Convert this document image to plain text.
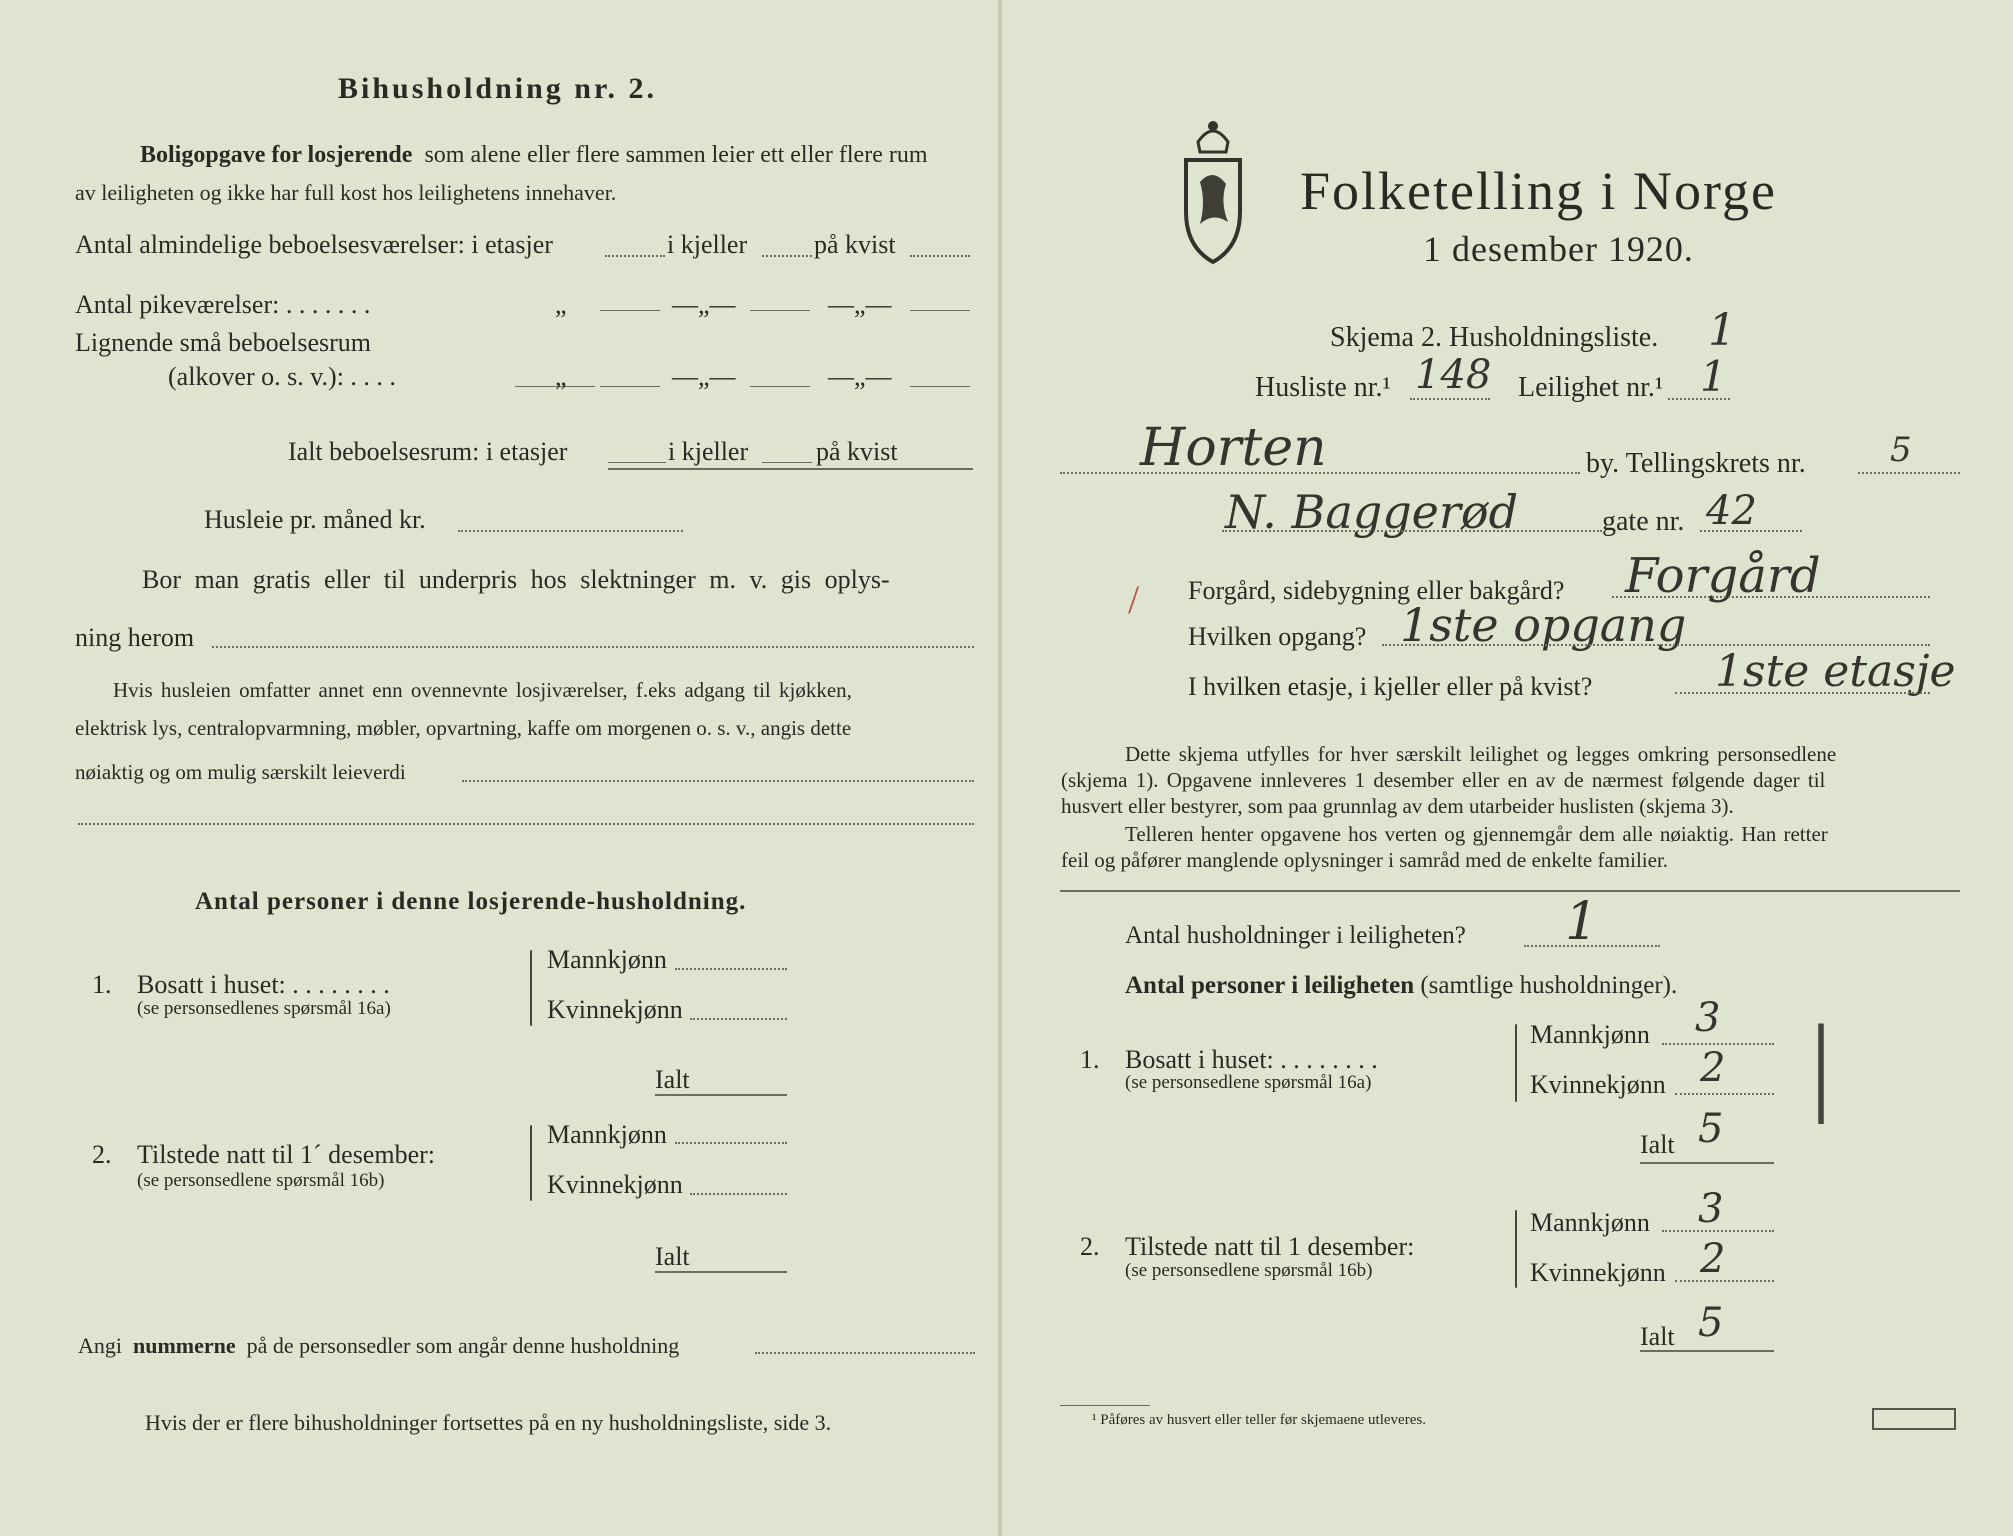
Bihusholdning nr. 2.
Boligopgave for losjerende som alene eller flere sammen leier ett eller flere rum
av leiligheten og ikke har full kost hos leilighetens innehaver.
Antal almindelige beboelsesværelser: i etasjer	i kjeller	på kvist
Antal pikeværelser: . . . . . . .	„	—„—	—„—
Lignende små beboelsesrum
(alkover o. s. v.): . . . .	„	—„—	—„—
Ialt beboelsesrum: i etasjer	i kjeller	på kvist
Husleie pr. måned kr.
Bor man gratis eller til underpris hos slektninger m. v. gis oplys-
ning herom
Hvis husleien omfatter annet enn ovennevnte losjiværelser, f.eks adgang til kjøkken,
elektrisk lys, centralopvarmning, møbler, opvartning, kaffe om morgenen o. s. v., angis dette
nøiaktig og om mulig særskilt leieverdi
Antal personer i denne losjerende-husholdning.
1. Bosatt i huset: . . . . . . . .
(se personsedlenes spørsmål 16a)
Mannkjønn
Kvinnekjønn
Ialt
2. Tilstede natt til 1ˊ desember:
(se personsedlene spørsmål 16b)
Mannkjønn
Kvinnekjønn
Ialt
Angi nummerne på de personsedler som angår denne husholdning
Hvis der er flere bihusholdninger fortsettes på en ny husholdningsliste, side 3.
Folketelling i Norge
1 desember 1920.
Skjema 2. Husholdningsliste. 1
Husliste nr.¹ 148 Leilighet nr.¹ 1
Horten	by. Tellingskrets nr. 5
N. Baggerød	gate nr. 42
/ Forgård, sidebygning eller bakgård? Forgård
Hvilken opgang? 1ste opgang
I hvilken etasje, i kjeller eller på kvist?	1ste etasje
Dette skjema utfylles for hver særskilt leilighet og legges omkring personsedlene
(skjema 1). Opgavene innleveres 1 desember eller en av de nærmest følgende dager til
husvert eller bestyrer, som paa grunnlag av dem utarbeider huslisten (skjema 3).
Telleren henter opgavene hos verten og gjennemgår dem alle nøiaktig. Han retter
feil og påfører manglende oplysninger i samråd med de enkelte familier.
Antal husholdninger i leiligheten? 1
Antal personer i leiligheten (samtlige husholdninger).
1. Bosatt i huset: . . . . . . . .
(se personsedlene spørsmål 16a)
Mannkjønn 3
Kvinnekjønn 2
Ialt 5
|
2. Tilstede natt til 1 desember:
(se personsedlene spørsmål 16b)
Mannkjønn 3
Kvinnekjønn 2
Ialt 5
¹ Påføres av husvert eller teller før skjemaene utleveres.
